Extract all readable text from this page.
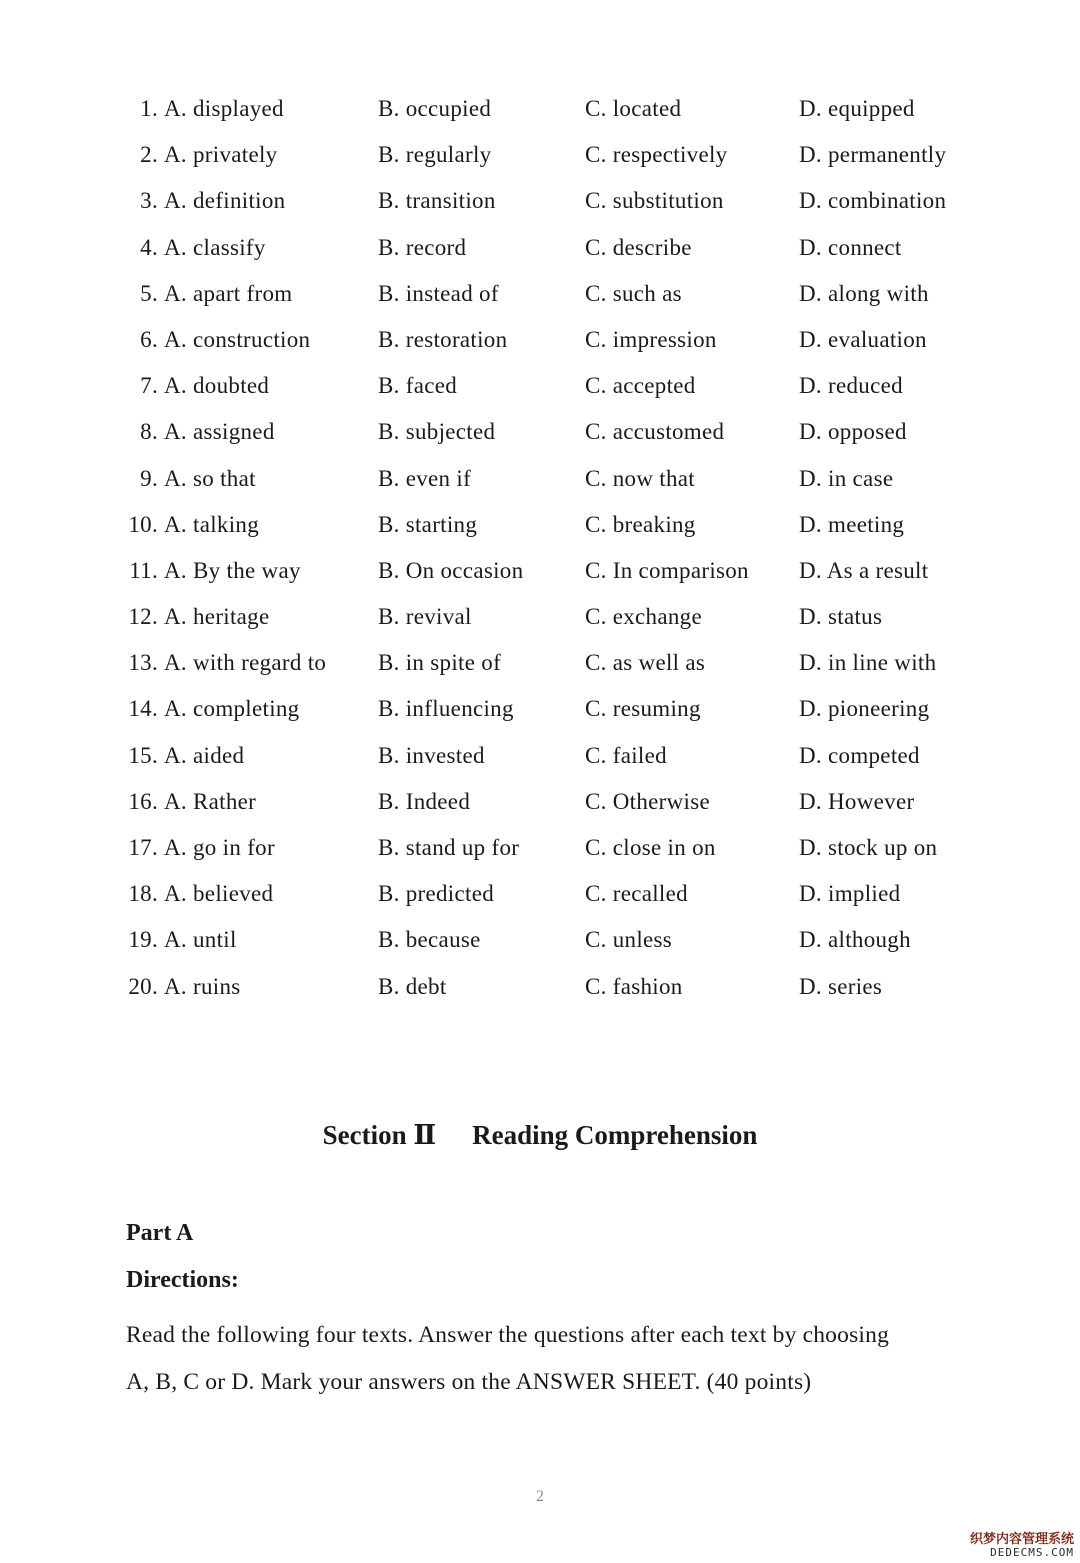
1. A. displayed	B. occupied	C. located	D. equipped
2. A. privately	B. regularly	C. respectively	D. permanently
3. A. definition	B. transition	C. substitution	D. combination
4. A. classify	B. record	C. describe	D. connect
5. A. apart from	B. instead of	C. such as	D. along with
6. A. construction	B. restoration	C. impression	D. evaluation
7. A. doubted	B. faced	C. accepted	D. reduced
8. A. assigned	B. subjected	C. accustomed	D. opposed
9. A. so that	B. even if	C. now that	D. in case
10. A. talking	B. starting	C. breaking	D. meeting
11. A. By the way	B. On occasion	C. In comparison	D. As a result
12. A. heritage	B. revival	C. exchange	D. status
13. A. with regard to	B. in spite of	C. as well as	D. in line with
14. A. completing	B. influencing	C. resuming	D. pioneering
15. A. aided	B. invested	C. failed	D. competed
16. A. Rather	B. Indeed	C. Otherwise	D. However
17. A. go in for	B. stand up for	C. close in on	D. stock up on
18. A. believed	B. predicted	C. recalled	D. implied
19. A. until	B. because	C. unless	D. although
20. A. ruins	B. debt	C. fashion	D. series
Section Ⅱ Reading Comprehension
Part A
Directions:
Read the following four texts. Answer the questions after each text by choosing
A, B, C or D. Mark your answers on the ANSWER SHEET. (40 points)
2
织梦内容管理系统
DEDECMS.COM
